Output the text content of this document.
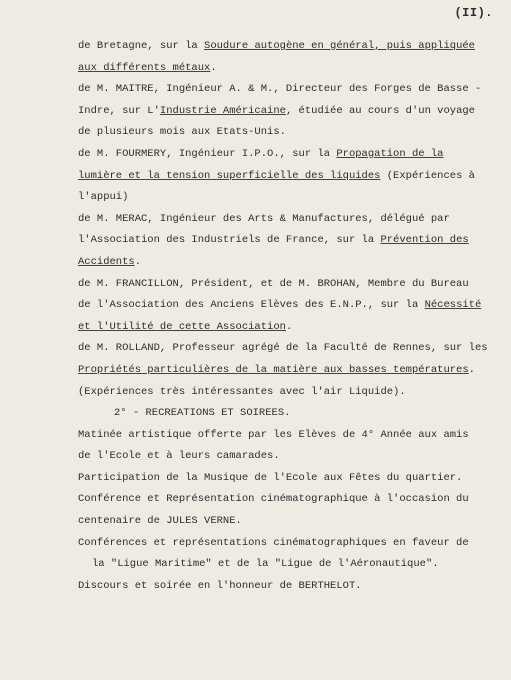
(II).
de Bretagne, sur la Soudure autogène en général, puis appliquée
aux différents métaux.
de M. MAITRE, Ingénieur A. & M., Directeur des Forges de Basse -
Indre, sur L'Industrie Américaine, étudiée au cours d'un voyage
de plusieurs mois aux Etats-Unis.
de M. FOURMERY, Ingénieur I.P.O., sur la Propagation de la
lumière et la tension superficielle des liquides (Expériences à
l'appui)
de M. MERAC, Ingénieur des Arts & Manufactures, délégué par
l'Association des Industriels de France, sur la Prévention des
Accidents.
de M. FRANCILLON, Président, et de M. BROHAN, Membre du Bureau
de l'Association des Anciens Elèves des E.N.P., sur la Nécessité
et l'Utilité de cette Association.
de M. ROLLAND, Professeur agrégé de la Faculté de Rennes, sur les
Propriétés particulières de la matière aux basses températures.
(Expériences très intéressantes avec l'air Liquide).
2° - RECREATIONS ET SOIREES.
Matinée artistique offerte par les Elèves de 4° Année aux amis
de l'Ecole et à leurs camarades.
Participation de la Musique de l'Ecole aux Fêtes du quartier.
Conférence et Représentation cinématographique à l'occasion du
centenaire de JULES VERNE.
Conférences et représentations cinématographiques en faveur de
la "Ligue Maritime" et de la "Ligue de l'Aéronautique".
Discours et soirée en l'honneur de BERTHELOT.
